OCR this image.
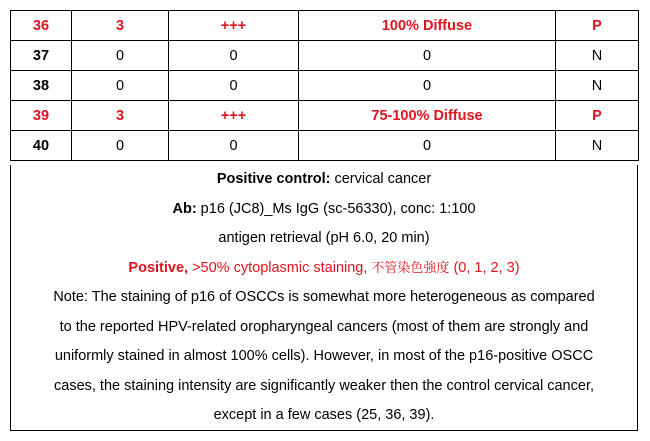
36	3	+++	100% Diffuse	P
37	0	0	0	N
38	0	0	0	N
39	3	+++	75-100% Diffuse	P
40	0	0	0	N
Positive control: cervical cancer
Ab: p16 (JC8)_Ms IgG (sc-56330), conc: 1:100
antigen retrieval (pH 6.0, 20 min)
Positive, >50% cytoplasmic staining, 不管染色強度 (0, 1, 2, 3)
Note: The staining of p16 of OSCCs is somewhat more heterogeneous as compared
to the reported HPV-related oropharyngeal cancers (most of them are strongly and
uniformly stained in almost 100% cells). However, in most of the p16-positive OSCC
cases, the staining intensity are significantly weaker then the control cervical cancer,
except in a few cases (25, 36, 39).
